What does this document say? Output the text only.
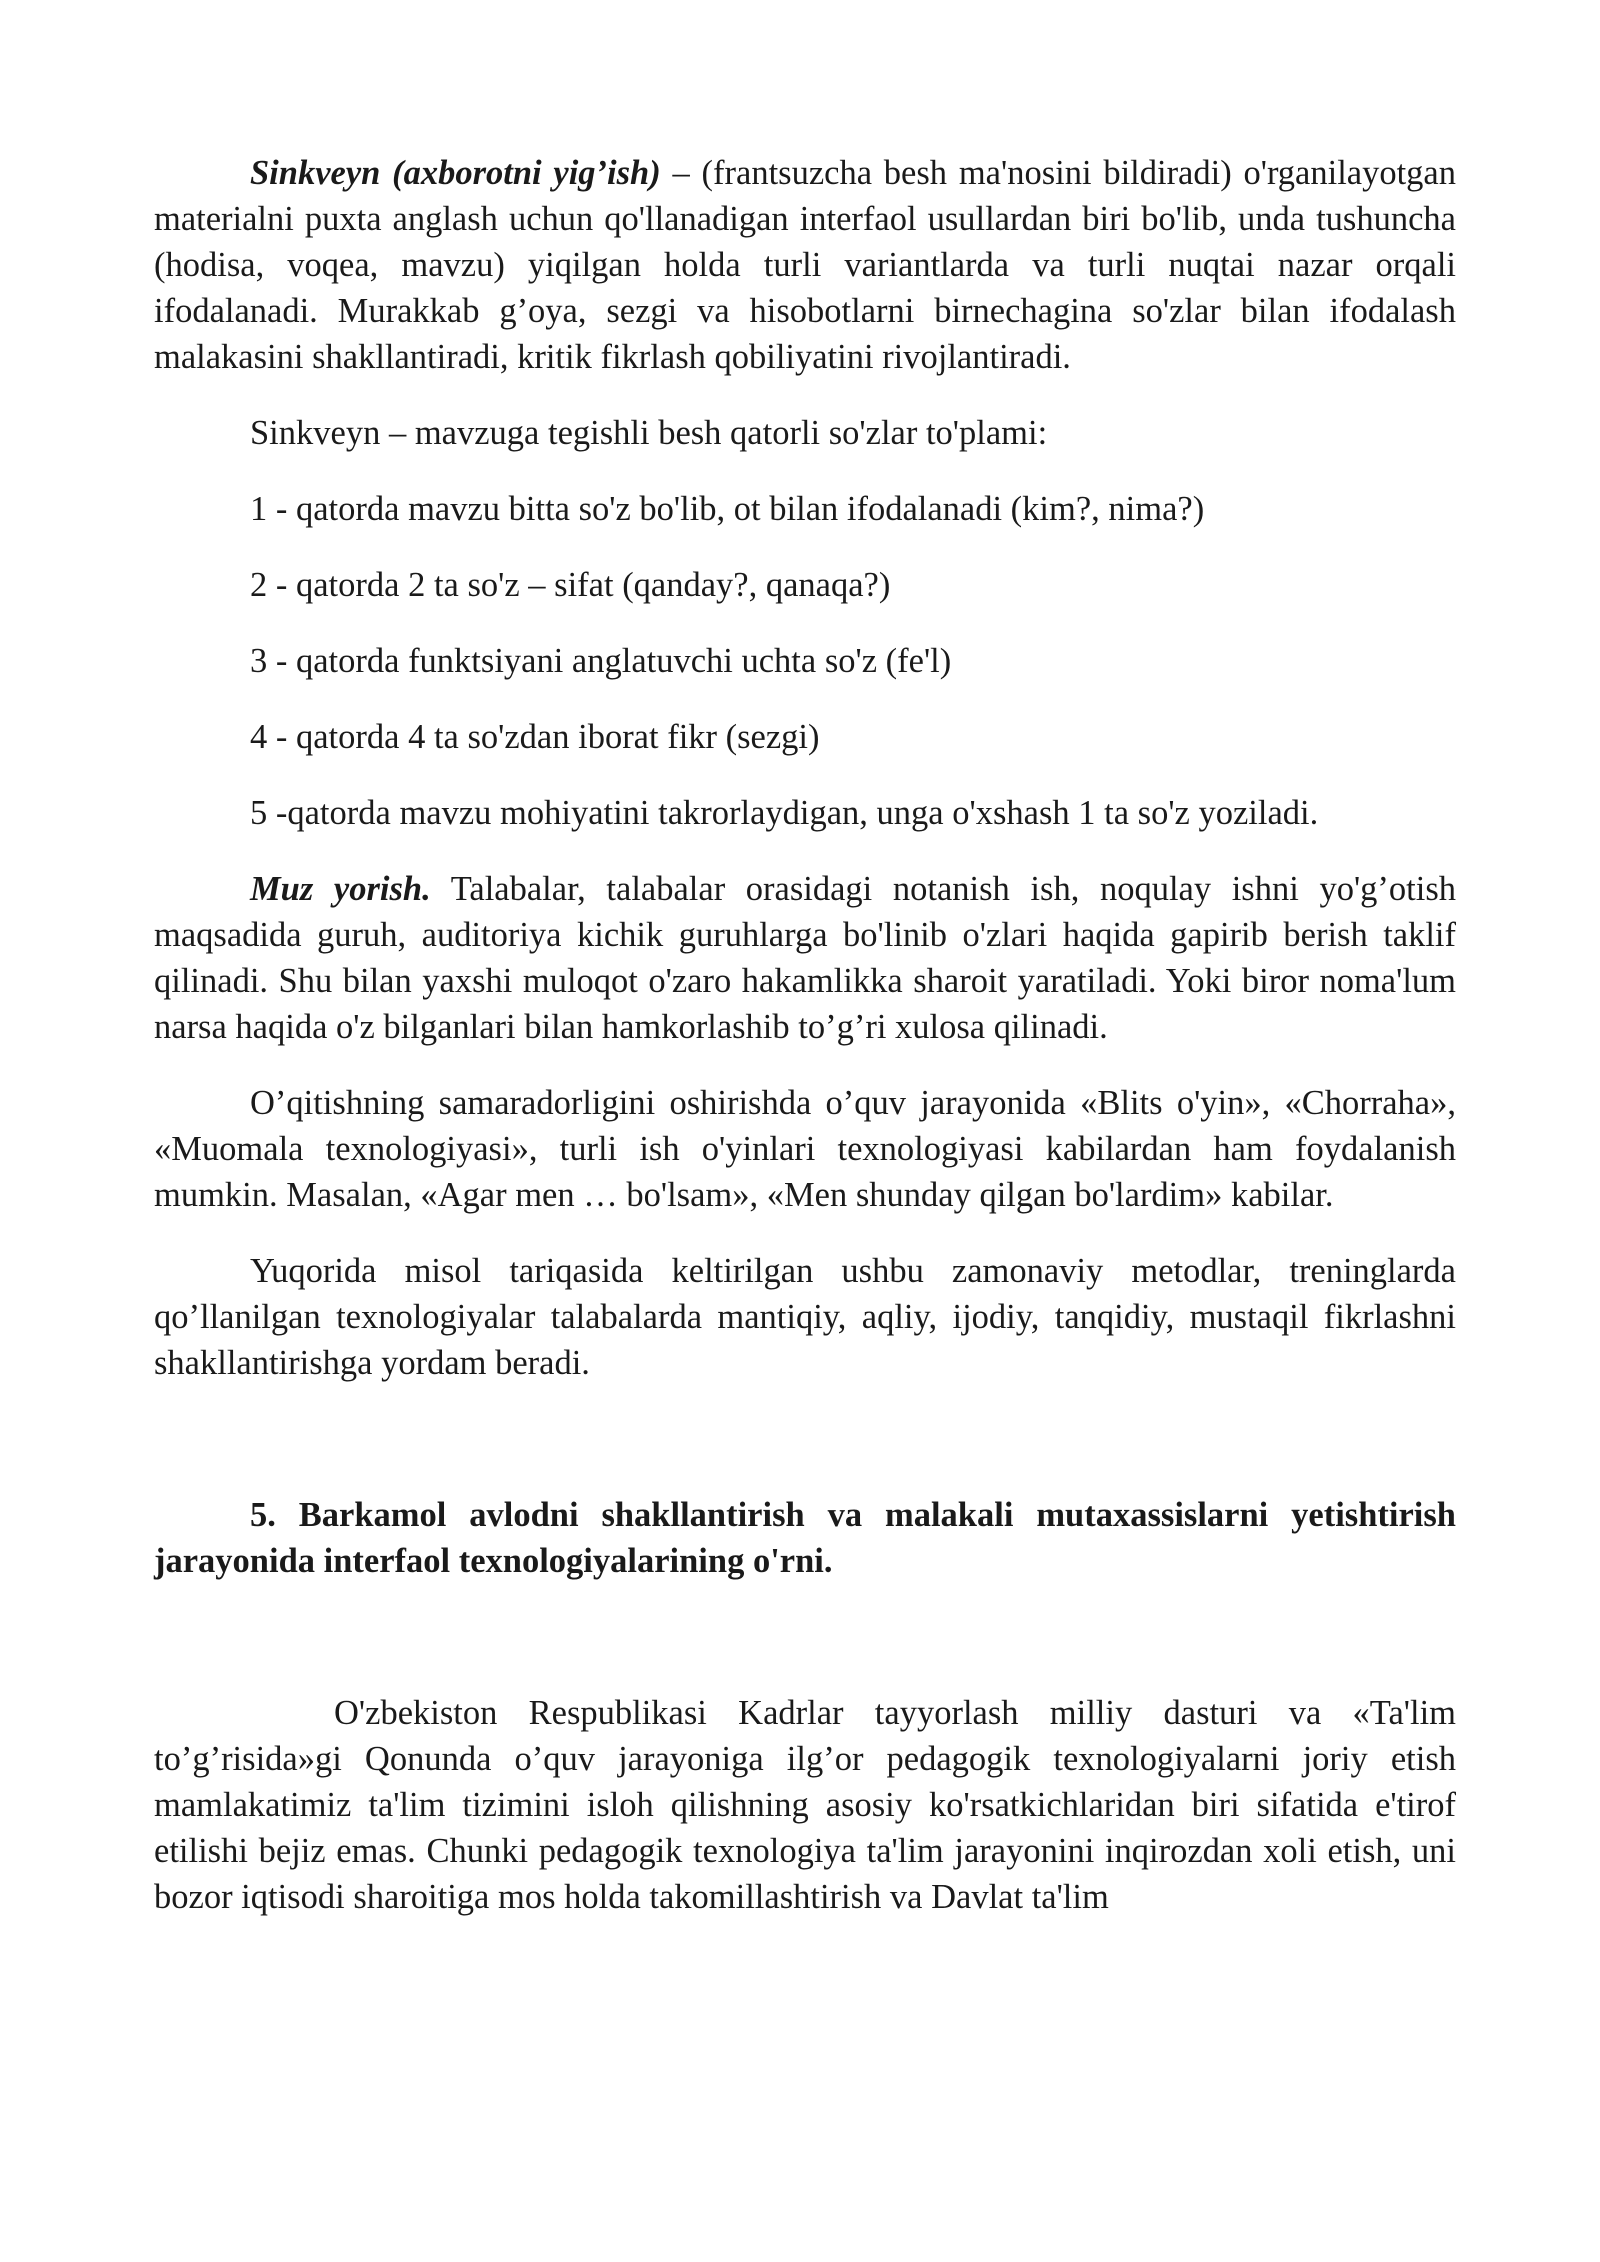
Sinkveyn (axborotni yig’ish) – (frantsuzcha besh ma'nosini bildiradi) o'rganilayotgan materialni puxta anglash uchun qo'llanadigan interfaol usullardan biri bo'lib, unda tushuncha (hodisa, voqea, mavzu) yiqilgan holda turli variantlarda va turli nuqtai nazar orqali ifodalanadi. Murakkab g’oya, sezgi va hisobotlarni birnechagina so'zlar bilan ifodalash malakasini shakllantiradi, kritik fikrlash qobiliyatini rivojlantiradi.

Sinkveyn – mavzuga tegishli besh qatorli so'zlar to'plami:

1 - qatorda mavzu bitta so'z bo'lib, ot bilan ifodalanadi (kim?, nima?)

2 - qatorda 2 ta so'z – sifat (qanday?, qanaqa?)

3 - qatorda funktsiyani anglatuvchi uchta so'z (fe'l)

4 - qatorda 4 ta so'zdan iborat fikr (sezgi)

5 -qatorda mavzu mohiyatini takrorlaydigan, unga o'xshash 1 ta so'z yoziladi.

Muz yorish. Talabalar, talabalar orasidagi notanish ish, noqulay ishni yo'g’otish maqsadida guruh, auditoriya kichik guruhlarga bo'linib o'zlari haqida gapirib berish taklif qilinadi. Shu bilan yaxshi muloqot o'zaro hakamlikka sharoit yaratiladi. Yoki biror noma'lum narsa haqida o'z bilganlari bilan hamkorlashib to’g’ri xulosa qilinadi.

O’qitishning samaradorligini oshirishda o’quv jarayonida «Blits o'yin», «Chorraha», «Muomala texnologiyasi», turli ish o'yinlari texnologiyasi kabilardan ham foydalanish mumkin. Masalan, «Agar men … bo'lsam», «Men shunday qilgan bo'lardim» kabilar.

Yuqorida misol tariqasida keltirilgan ushbu zamonaviy metodlar, treninglarda qo’llanilgan texnologiyalar talabalarda mantiqiy, aqliy, ijodiy, tanqidiy, mustaqil fikrlashni shakllantirishga yordam beradi.

5. Barkamol avlodni shakllantirish va malakali mutaxassislarni yetishtirish jarayonida interfaol texnologiyalarining o'rni.

O'zbekiston Respublikasi Kadrlar tayyorlash milliy dasturi va «Ta'lim to’g’risida»gi Qonunda o’quv jarayoniga ilg’or pedagogik texnologiyalarni joriy etish mamlakatimiz ta'lim tizimini isloh qilishning asosiy ko'rsatkichlaridan biri sifatida e'tirof etilishi bejiz emas. Chunki pedagogik texnologiya ta'lim jarayonini inqirozdan xoli etish, uni bozor iqtisodi sharoitiga mos holda takomillashtirish va Davlat ta'lim
